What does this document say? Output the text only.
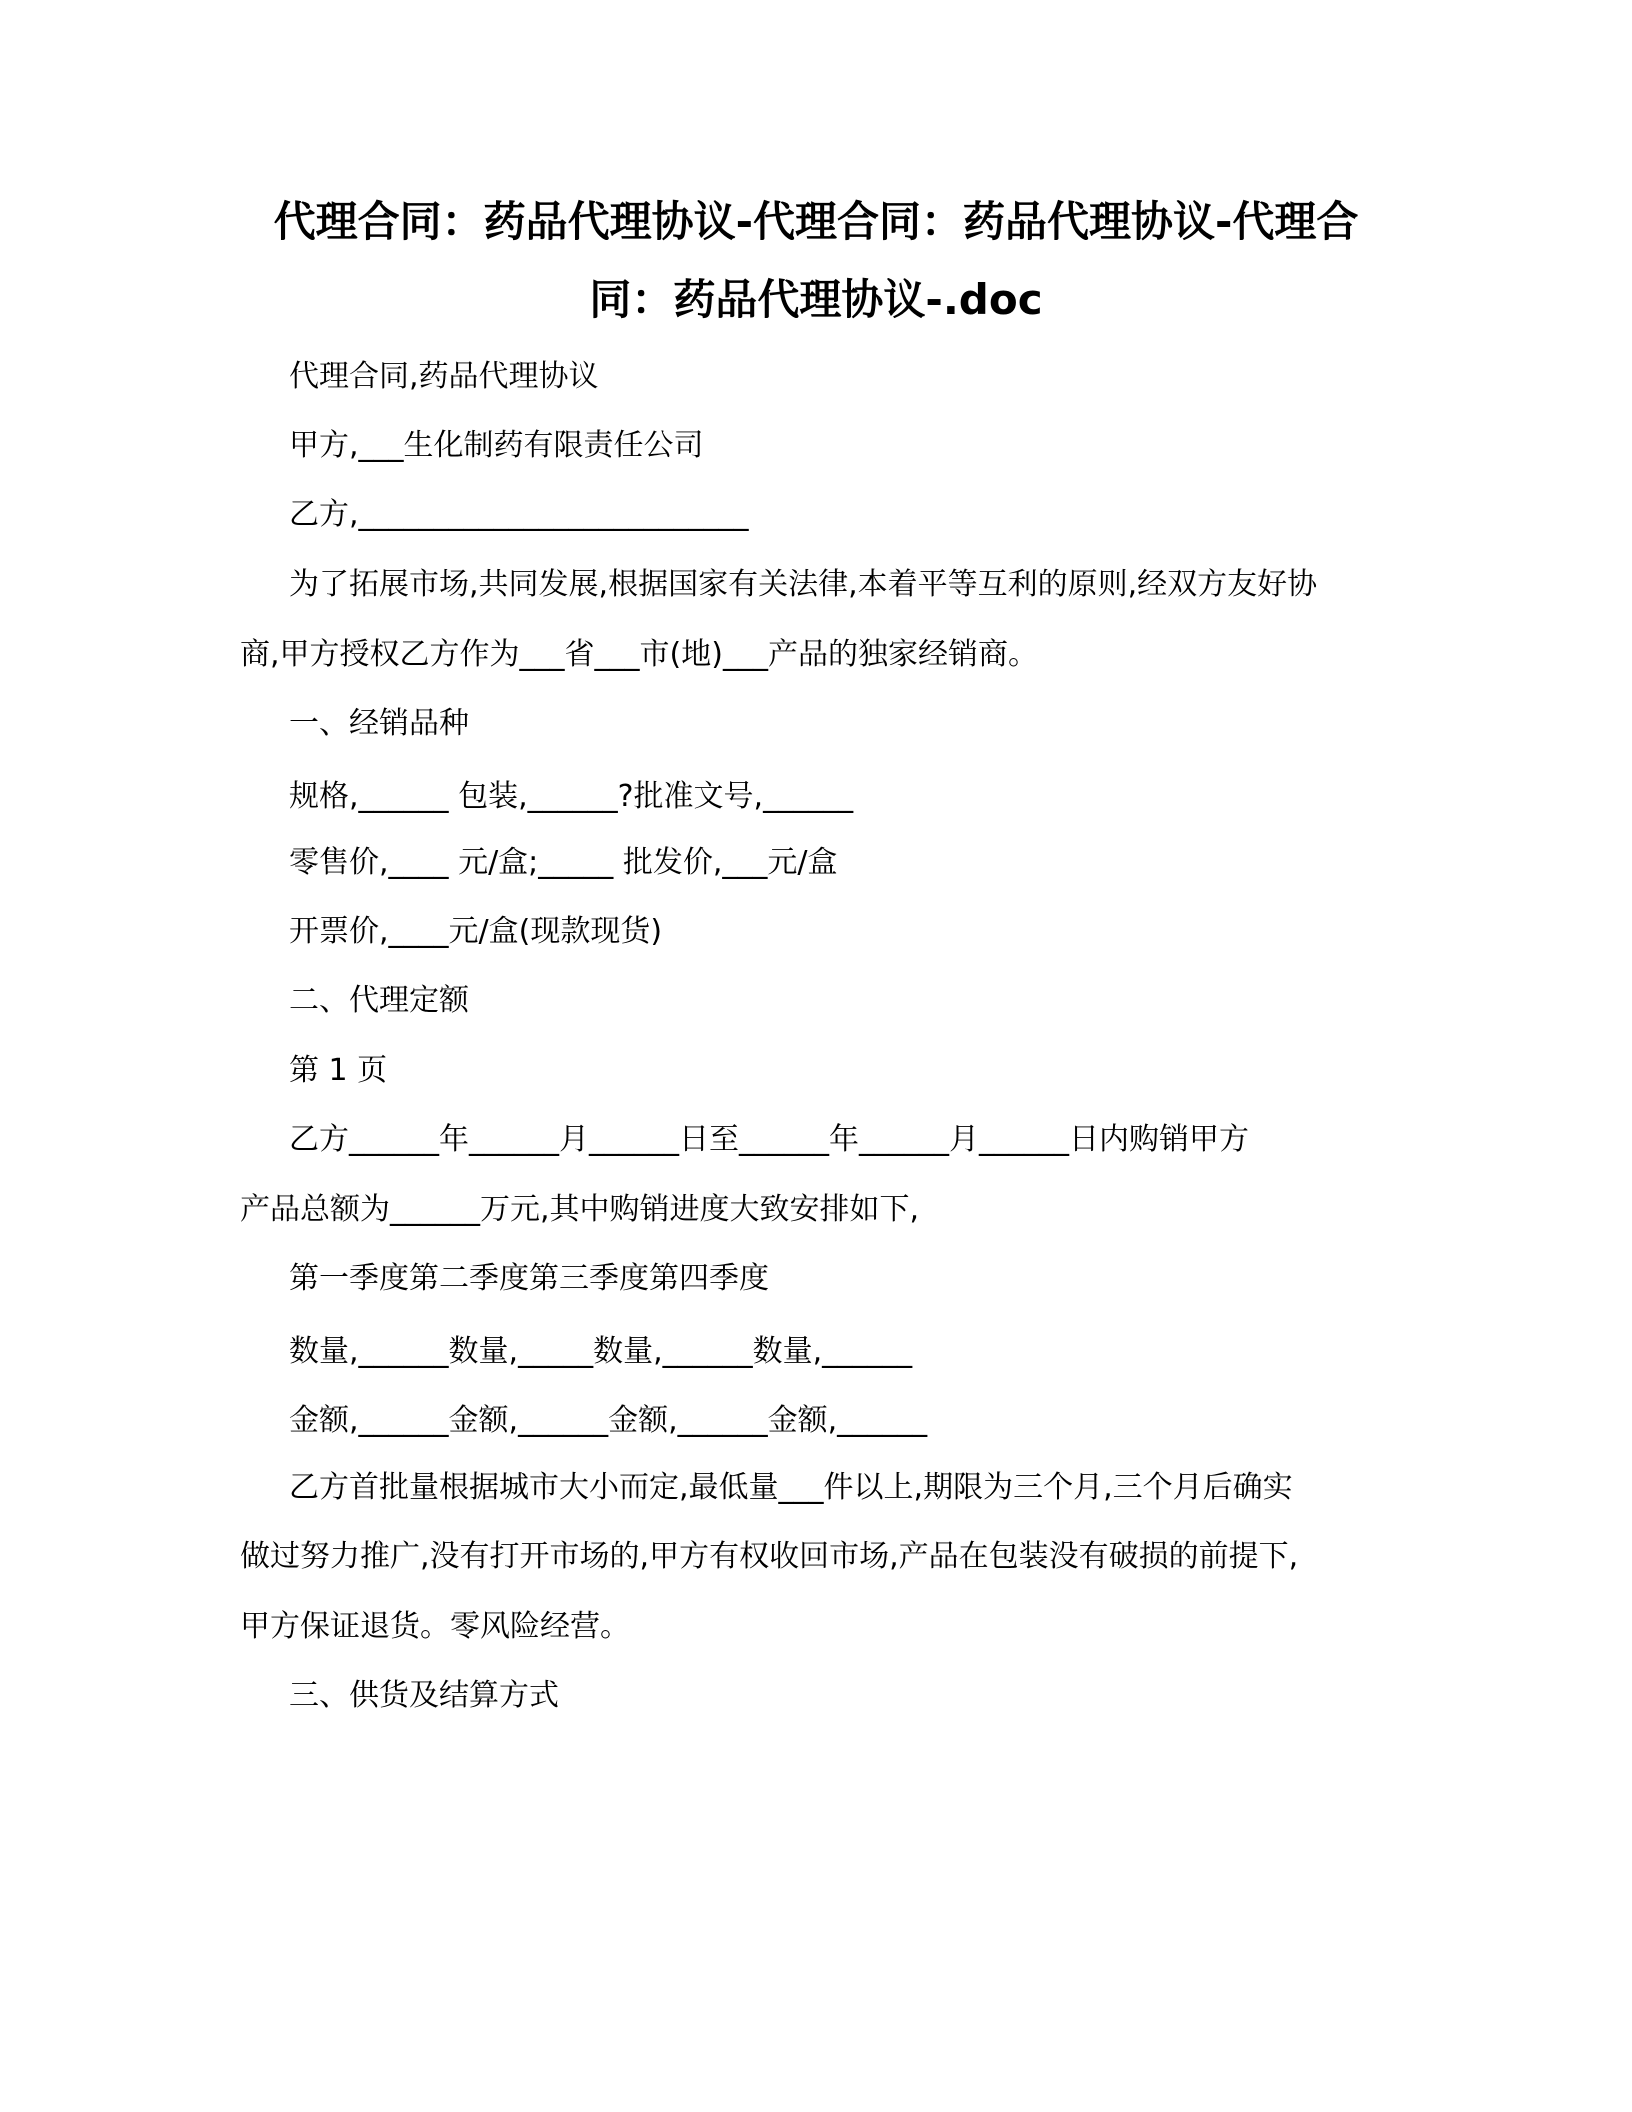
代理合同：药品代理协议-代理合同：药品代理协议-代理合
同：药品代理协议-.doc
代理合同,药品代理协议
甲方,___生化制药有限责任公司
乙方,__________________________
为了拓展市场,共同发展,根据国家有关法律,本着平等互利的原则,经双方友好协
商,甲方授权乙方作为___省___市(地)___产品的独家经销商。
一、经销品种
规格,______ 包装,______?批准文号,______
零售价,____ 元/盒;_____ 批发价,___元/盒
开票价,____元/盒(现款现货)
二、代理定额
第 1 页
乙方______年______月______日至______年______月______日内购销甲方
产品总额为______万元,其中购销进度大致安排如下,
第一季度第二季度第三季度第四季度
数量,______数量,_____数量,______数量,______
金额,______金额,______金额,______金额,______
乙方首批量根据城市大小而定,最低量___件以上,期限为三个月,三个月后确实
做过努力推广,没有打开市场的,甲方有权收回市场,产品在包装没有破损的前提下,
甲方保证退货。零风险经营。
三、供货及结算方式
